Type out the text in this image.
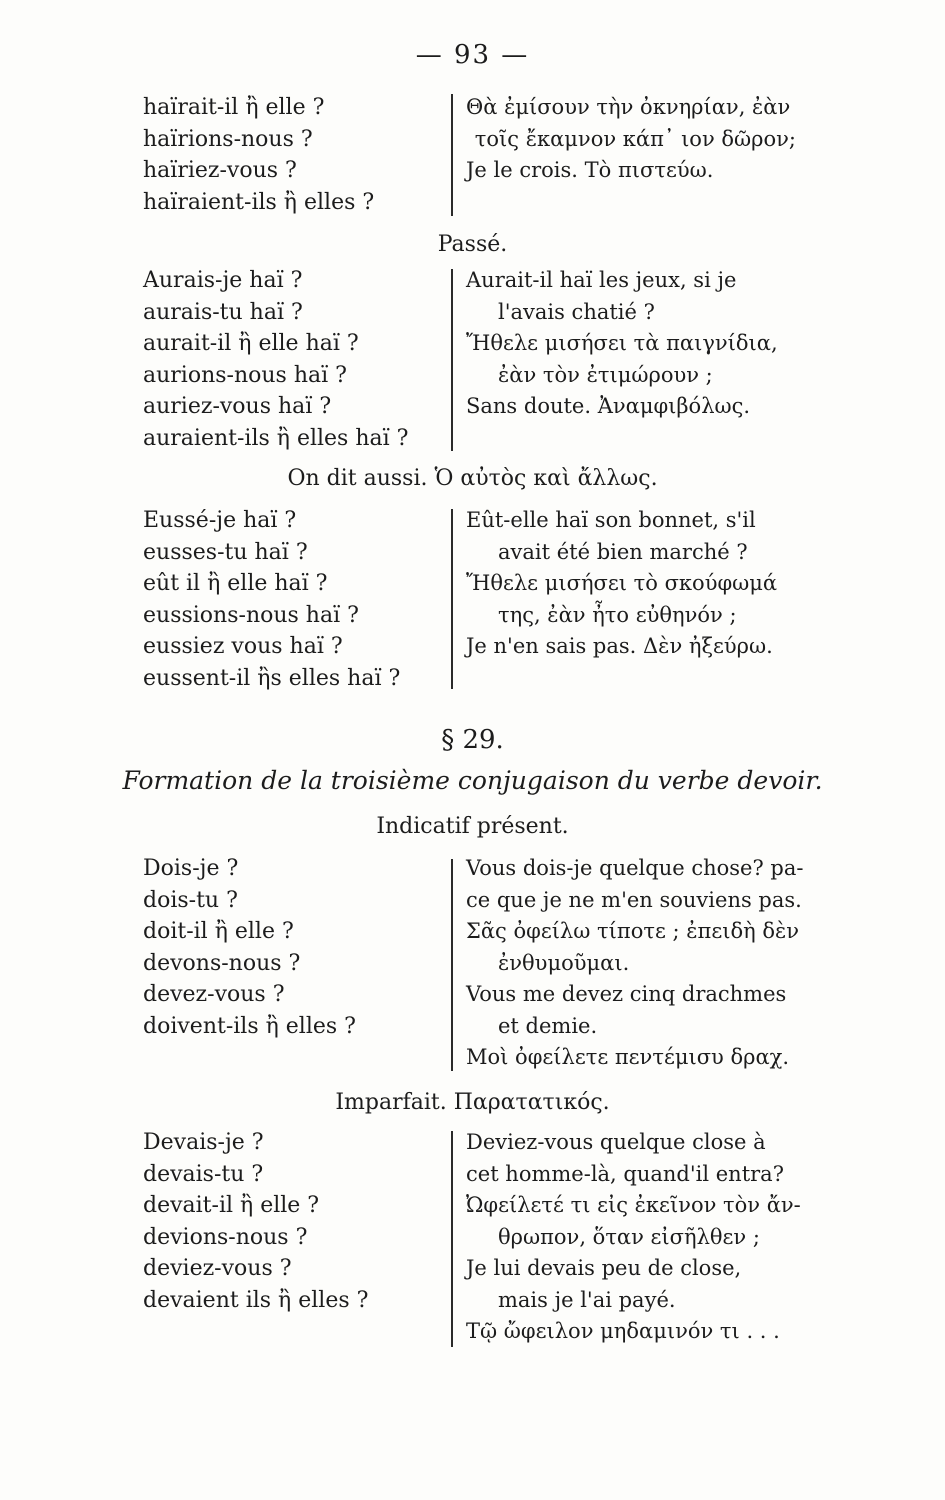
— 93 —
haïrait-il ἢ elle ?
haïrions-nous ?
haïriez-vous ?
haïraient-ils ἢ elles ?
Θὰ ἐμίσουν τὴν ὀκνηρίαν, ἐὰν
τοῖς ἔκαμνον κάπ᾽ ιον δῶρον;
Je le crois. Τὸ πιστεύω.
Passé.
Aurais-je haï ?
aurais-tu haï ?
aurait-il ἢ elle haï ?
aurions-nous haï ?
auriez-vous haï ?
auraient-ils ἢ elles haï ?
Aurait-il haï les jeux, si je
l'avais chatié ?
Ἤθελε μισήσει τὰ παιγνίδια,
ἐὰν τὸν ἐτιμώρουν ;
Sans doute. Ἀναμφιβόλως.
On dit aussi. Ὁ αὐτὸς καὶ ἄλλως.
Eussé-je haï ?
eusses-tu haï ?
eût il ἢ elle haï ?
eussions-nous haï ?
eussiez vous haï ?
eussent-il ἢs elles haï ?
Eût-elle haï son bonnet, s'il
avait été bien marché ?
Ἤθελε μισήσει τὸ σκούφωμά
της, ἐὰν ἦτο εὐθηνόν ;
Je n'en sais pas. Δὲν ἠξεύρω.
§ 29.
Formation de la troisième conjugaison du verbe devoir.
Indicatif présent.
Dois-je ?
dois-tu ?
doit-il ἢ elle ?
devons-nous ?
devez-vous ?
doivent-ils ἢ elles ?
Vous dois-je quelque chose? pa-
ce que je ne m'en souviens pas.
Σᾶς ὀφείλω τίποτε ; ἐπειδὴ δὲν
ἐνθυμοῦμαι.
Vous me devez cinq drachmes
et demie.
Μοὶ ὀφείλετε πεντέμισυ δραχ.
Imparfait. Παρατατικός.
Devais-je ?
devais-tu ?
devait-il ἢ elle ?
devions-nous ?
deviez-vous ?
devaient ils ἢ elles ?
Deviez-vous quelque close à
cet homme-là, quand'il entra?
Ὠφείλετέ τι εἰς ἐκεῖνον τὸν ἄν-
θρωπον, ὅταν εἰσῆλθεν ;
Je lui devais peu de close,
mais je l'ai payé.
Τῷ ὤφειλον μηδαμινόν τι . . .
